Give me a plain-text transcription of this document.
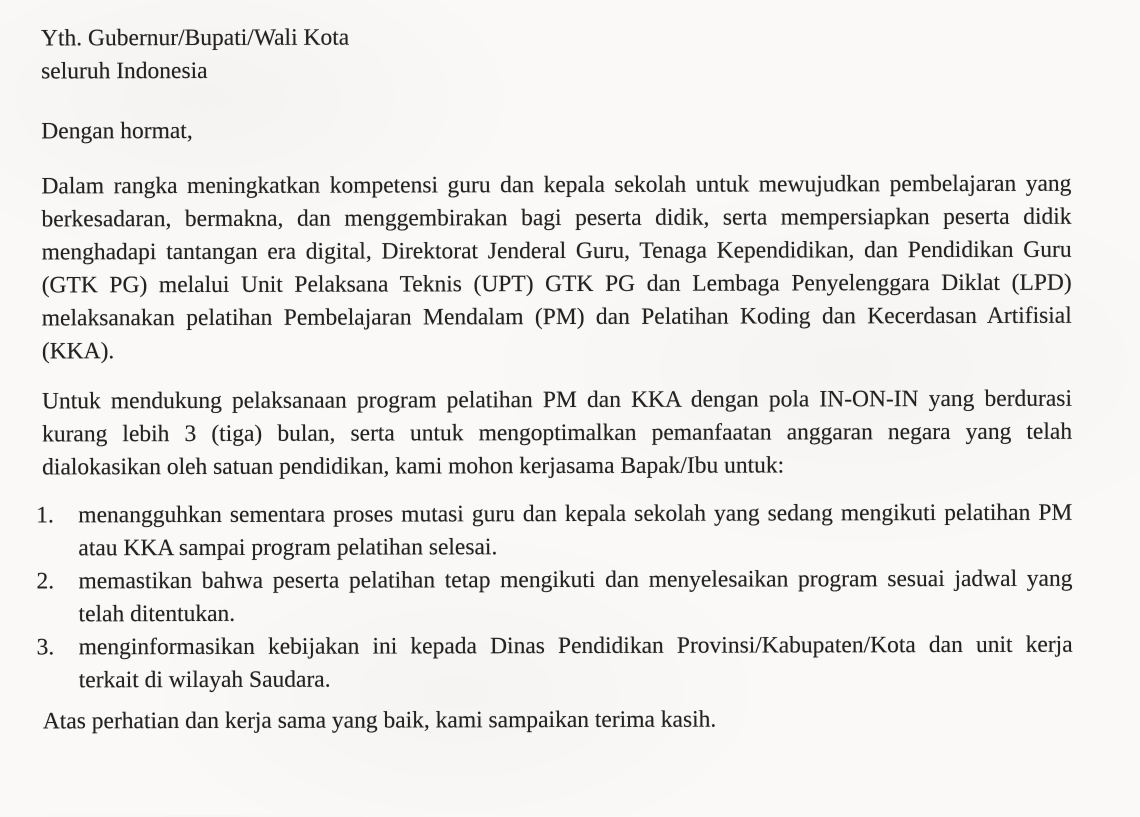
Yth. Gubernur/Bupati/Wali Kota
seluruh Indonesia
Dengan hormat,

Dalam rangka meningkatkan kompetensi guru dan kepala sekolah untuk mewujudkan pembelajaran yang berkesadaran, bermakna, dan menggembirakan bagi peserta didik, serta mempersiapkan peserta didik menghadapi tantangan era digital, Direktorat Jenderal Guru, Tenaga Kependidikan, dan Pendidikan Guru (GTK PG) melalui Unit Pelaksana Teknis (UPT) GTK PG dan Lembaga Penyelenggara Diklat (LPD) melaksanakan pelatihan Pembelajaran Mendalam (PM) dan Pelatihan Koding dan Kecerdasan Artifisial (KKA).

Untuk mendukung pelaksanaan program pelatihan PM dan KKA dengan pola IN-ON-IN yang berdurasi kurang lebih 3 (tiga) bulan, serta untuk mengoptimalkan pemanfaatan anggaran negara yang telah dialokasikan oleh satuan pendidikan, kami mohon kerjasama Bapak/Ibu untuk:

1. menangguhkan sementara proses mutasi guru dan kepala sekolah yang sedang mengikuti pelatihan PM atau KKA sampai program pelatihan selesai.
2. memastikan bahwa peserta pelatihan tetap mengikuti dan menyelesaikan program sesuai jadwal yang telah ditentukan.
3. menginformasikan kebijakan ini kepada Dinas Pendidikan Provinsi/Kabupaten/Kota dan unit kerja terkait di wilayah Saudara.

Atas perhatian dan kerja sama yang baik, kami sampaikan terima kasih.
